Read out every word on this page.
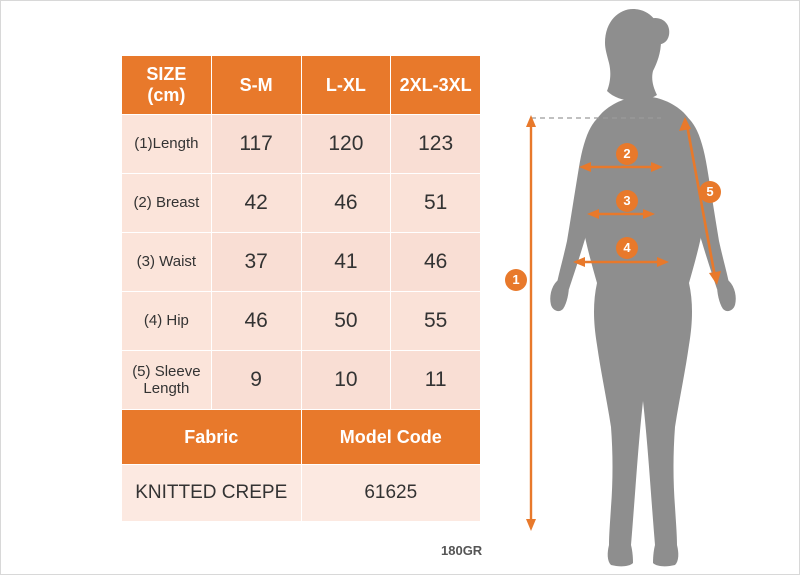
SIZE
(cm)	S-M	L-XL	2XL-3XL
(1)Length	117	120	123
(2) Breast	42	46	51
(3) Waist	37	41	46
(4) Hip	46	50	55
(5) Sleeve Length	9	10	11
Fabric		Model Code	
KNITTED CREPE		61625	
180GR
1
2
3
4
5
